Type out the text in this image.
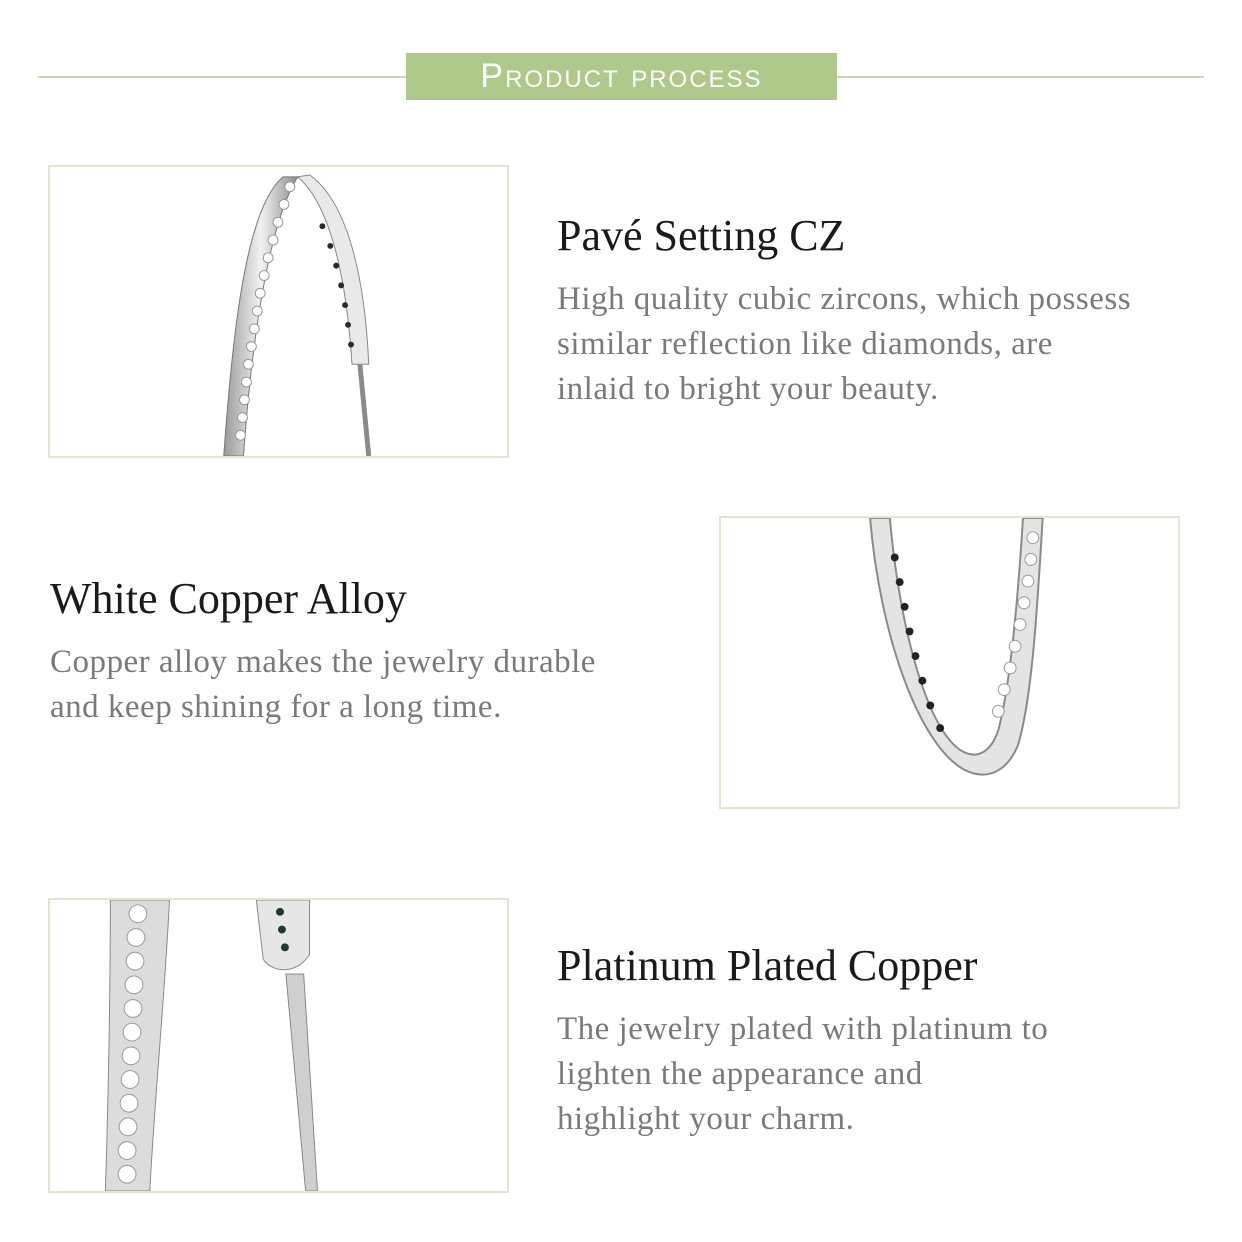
Product process
Pavé Setting CZ

High quality cubic zircons, which possess
similar reflection like diamonds, are
inlaid to bright your beauty.

White Copper Alloy

Copper alloy makes the jewelry durable
and keep shining for a long time.

Platinum Plated Copper

The jewelry plated with platinum to
lighten the appearance and
highlight your charm.
